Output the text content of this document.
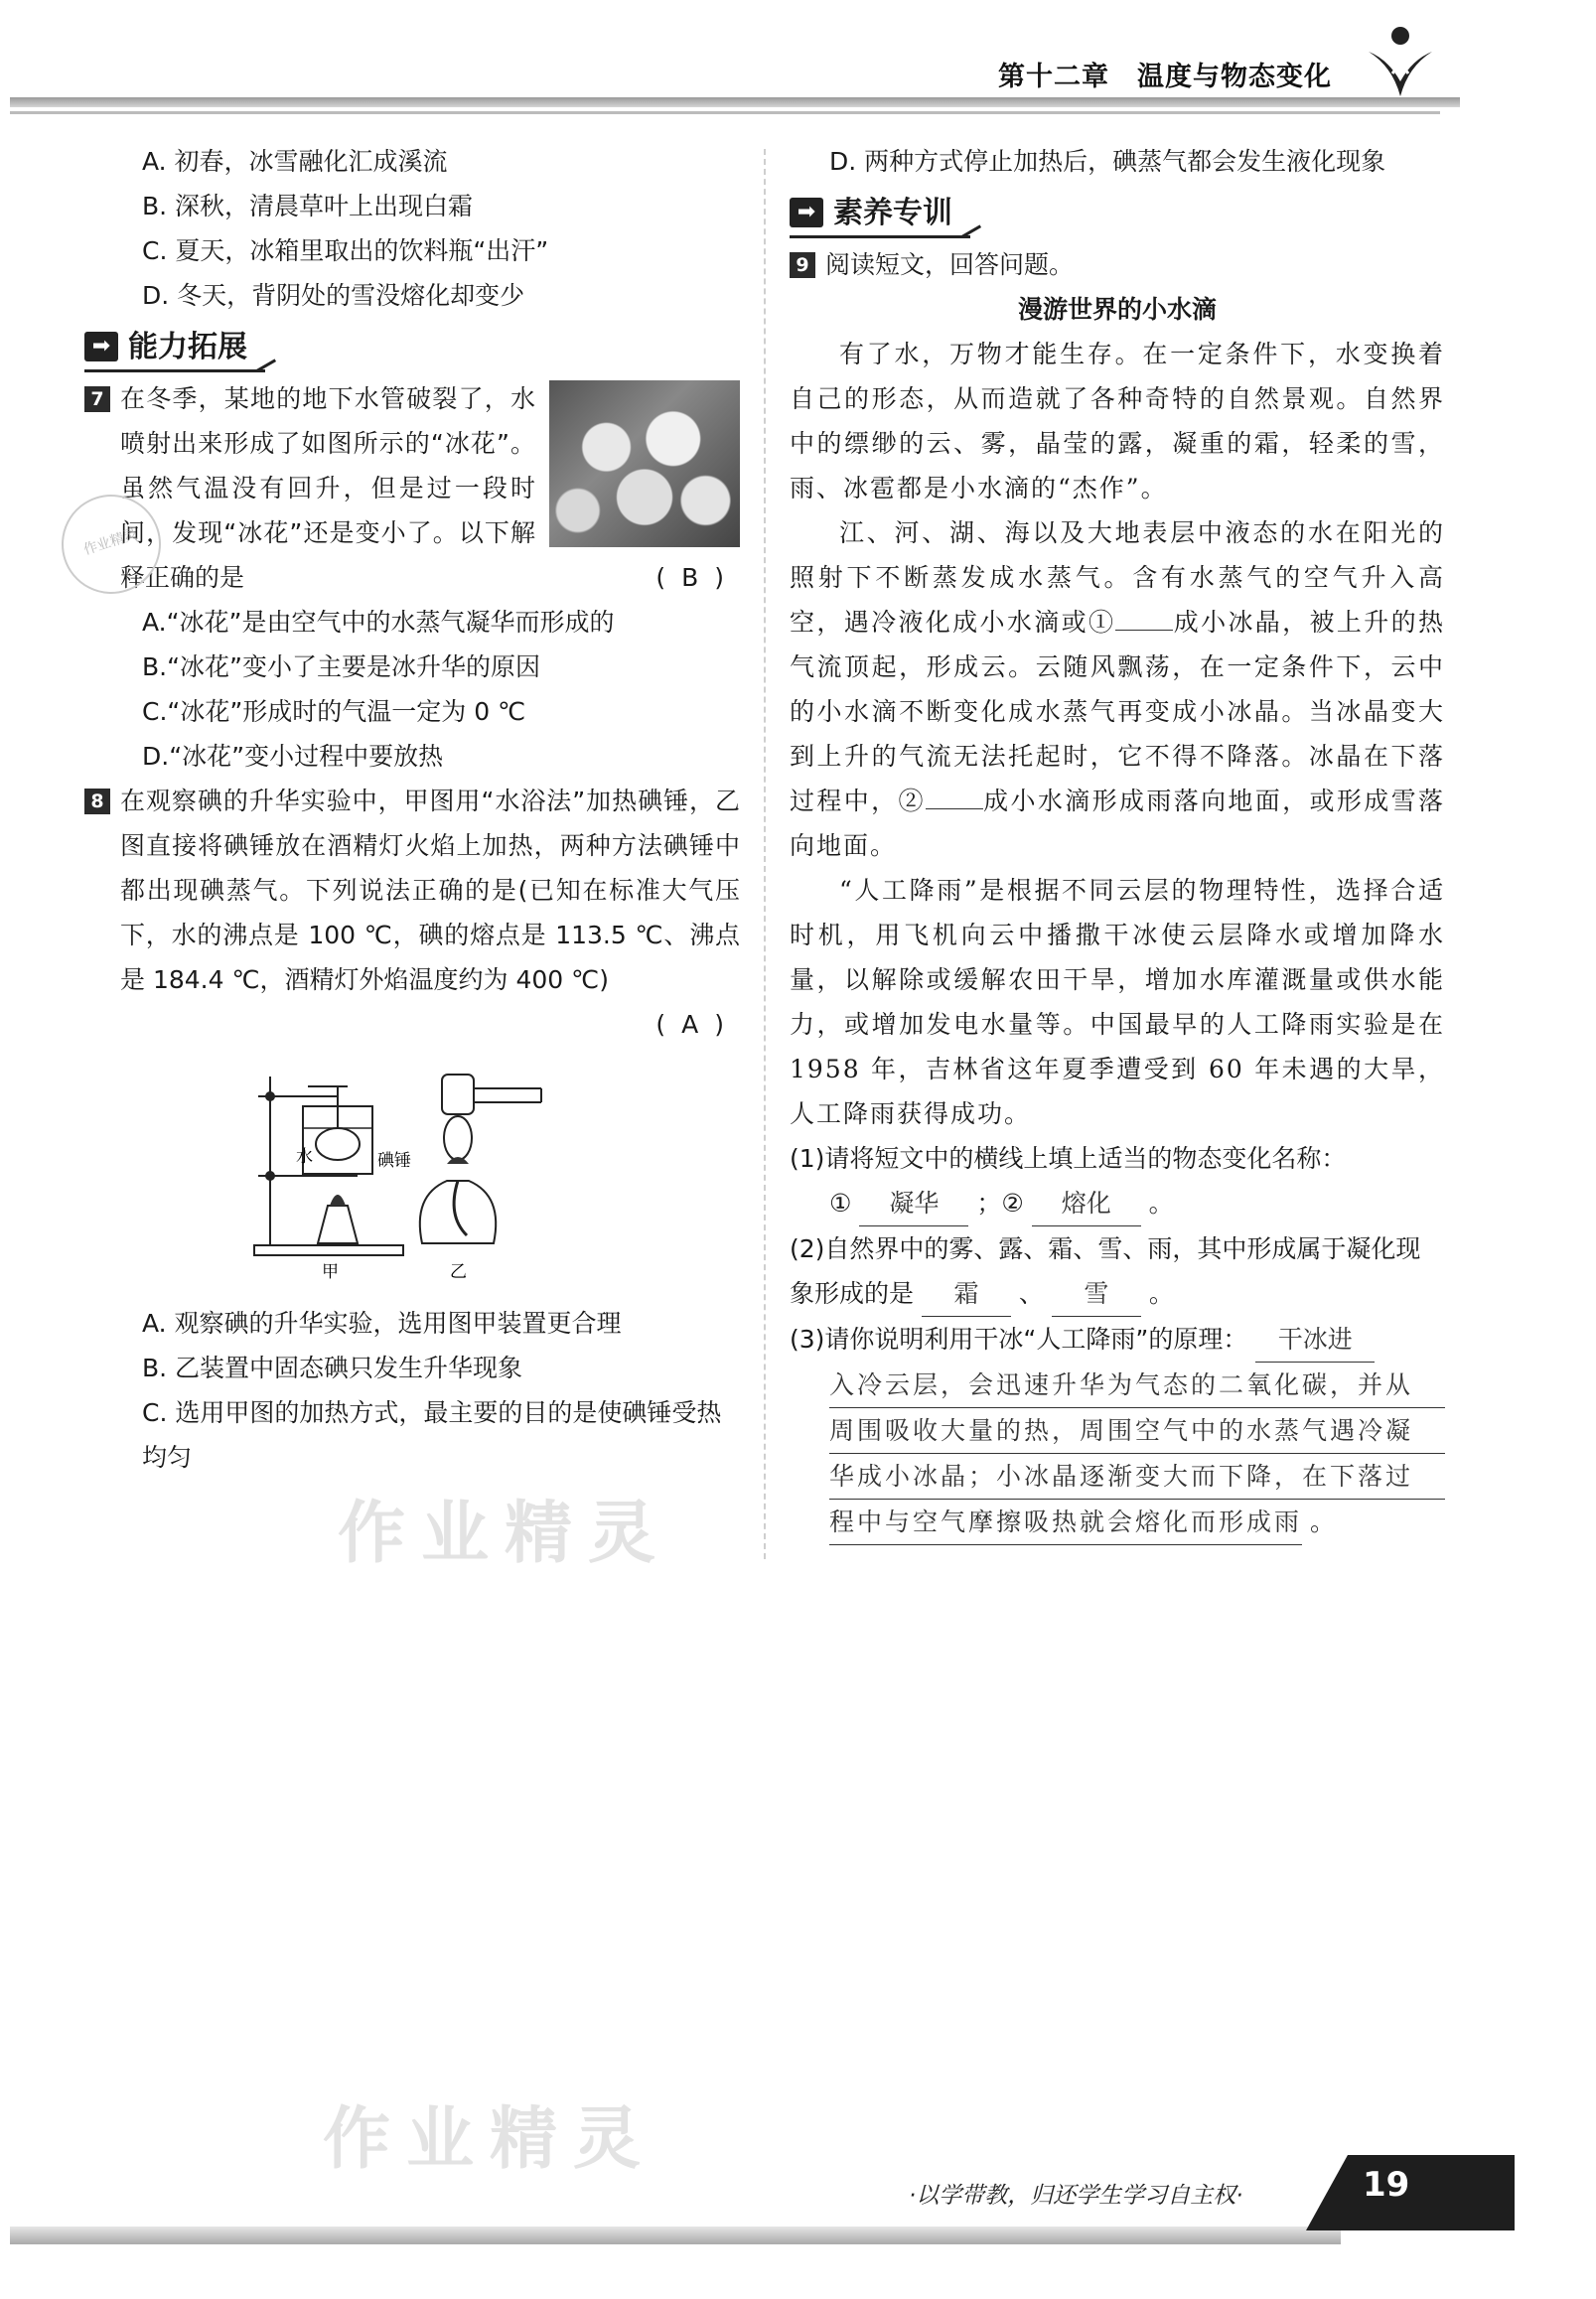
第十二章　温度与物态变化
A. 初春，冰雪融化汇成溪流
B. 深秋，清晨草叶上出现白霜
C. 夏天，冰箱里取出的饮料瓶“出汗”
D. 冬天，背阴处的雪没熔化却变少
➡ 能力拓展
7 在冬季，某地的地下水管破裂了，水喷射出来形成了如图所示的“冰花”。虽然气温没有回升，但是过一段时间，发现“冰花”还是变小了。以下解释正确的是	(B)
A.“冰花”是由空气中的水蒸气凝华而形成的
B.“冰花”变小了主要是冰升华的原因
C.“冰花”形成时的气温一定为 0 ℃
D.“冰花”变小过程中要放热
8 在观察碘的升华实验中，甲图用“水浴法”加热碘锤，乙图直接将碘锤放在酒精灯火焰上加热，两种方法碘锤中都出现碘蒸气。下列说法正确的是(已知在标准大气压下，水的沸点是 100 ℃，碘的熔点是 113.5 ℃、沸点是 184.4 ℃，酒精灯外焰温度约为 400 ℃)
(A)
水	碘锤
甲	乙
A. 观察碘的升华实验，选用图甲装置更合理
B. 乙装置中固态碘只发生升华现象
C. 选用甲图的加热方式，最主要的目的是使碘锤受热均匀
D. 两种方式停止加热后，碘蒸气都会发生液化现象
➡ 素养专训
9 阅读短文，回答问题。
漫游世界的小水滴
有了水，万物才能生存。在一定条件下，水变换着自己的形态，从而造就了各种奇特的自然景观。自然界中的缥缈的云、雾，晶莹的露，凝重的霜，轻柔的雪，雨、冰雹都是小水滴的“杰作”。
江、河、湖、海以及大地表层中液态的水在阳光的照射下不断蒸发成水蒸气。含有水蒸气的空气升入高空，遇冷液化成小水滴或① 成小冰晶，被上升的热气流顶起，形成云。云随风飘荡，在一定条件下，云中的小水滴不断变化成水蒸气再变成小冰晶。当冰晶变大到上升的气流无法托起时，它不得不降落。冰晶在下落过程中，② 成小水滴形成雨落向地面，或形成雪落向地面。
“人工降雨”是根据不同云层的物理特性，选择合适时机，用飞机向云中播撒干冰使云层降水或增加降水量，以解除或缓解农田干旱，增加水库灌溉量或供水能力，或增加发电水量等。中国最早的人工降雨实验是在 1958 年，吉林省这年夏季遭受到 60 年未遇的大旱，人工降雨获得成功。
(1)请将短文中的横线上填上适当的物态变化名称：
① 凝华 ；② 熔化 。
(2)自然界中的雾、露、霜、雪、雨，其中形成属于凝化现象形成的是 霜 、 雪 。
(3)请你说明利用干冰“人工降雨”的原理： 干冰进
入冷云层，会迅速升华为气态的二氧化碳，并从
周围吸收大量的热，周围空气中的水蒸气遇冷凝
华成小冰晶；小冰晶逐渐变大而下降，在下落过
程中与空气摩擦吸热就会熔化而形成雨 。
作业精灵
作业精灵
作业精灵
·以学带教，归还学生学习自主权·	19
